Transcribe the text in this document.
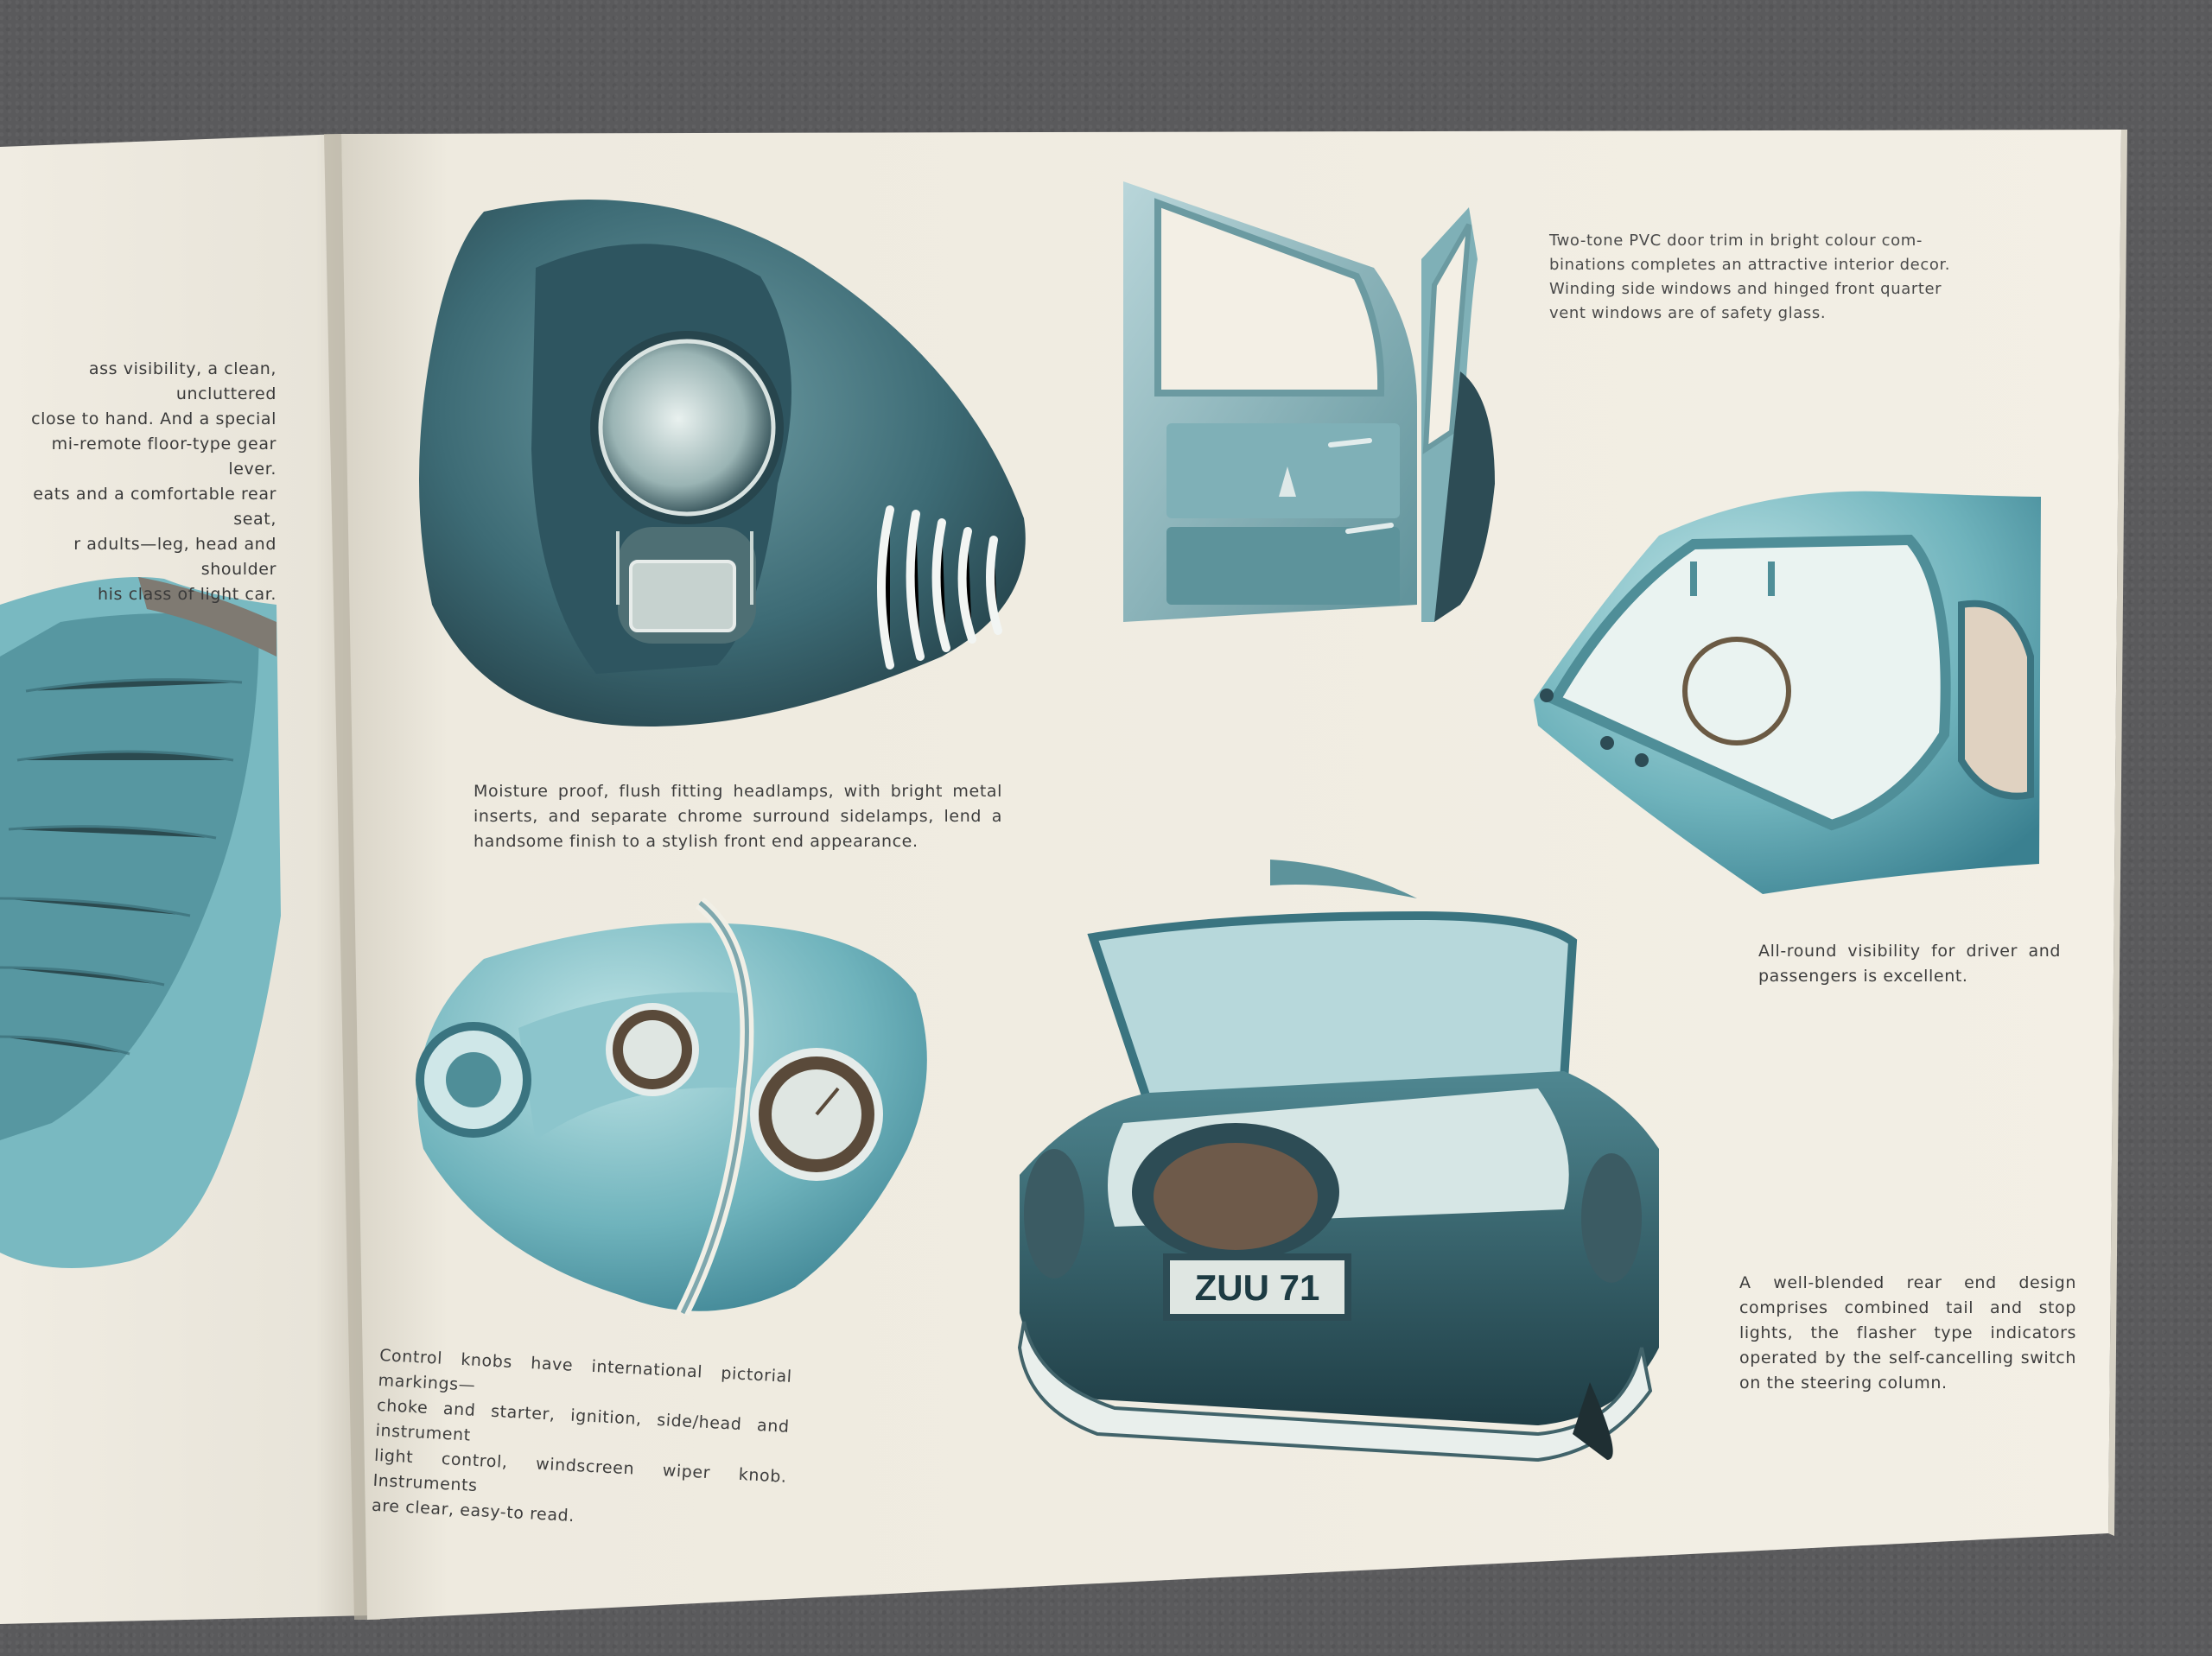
ZUU 71

ass visibility, a clean, uncluttered
close to hand. And a special
mi-remote floor-type gear lever.
eats and a comfortable rear seat,
r adults—leg, head and shoulder
his class of light car.

Moisture proof, flush fitting headlamps, with bright metal inserts, and separate chrome surround sidelamps, lend a handsome finish to a stylish front end appearance.

Two-tone PVC door trim in bright colour com-
binations completes an attractive interior decor.
Winding side windows and hinged front quarter
vent windows are of safety glass.

All-round visibility for driver and passengers is excellent.

A well-blended rear end design comprises combined tail and stop lights, the flasher type indicators operated by the self-cancelling switch on the steering column.

Control knobs have international pictorial markings—
choke and starter, ignition, side/head and instrument
light control, windscreen wiper knob. Instruments
are clear, easy-to read.
